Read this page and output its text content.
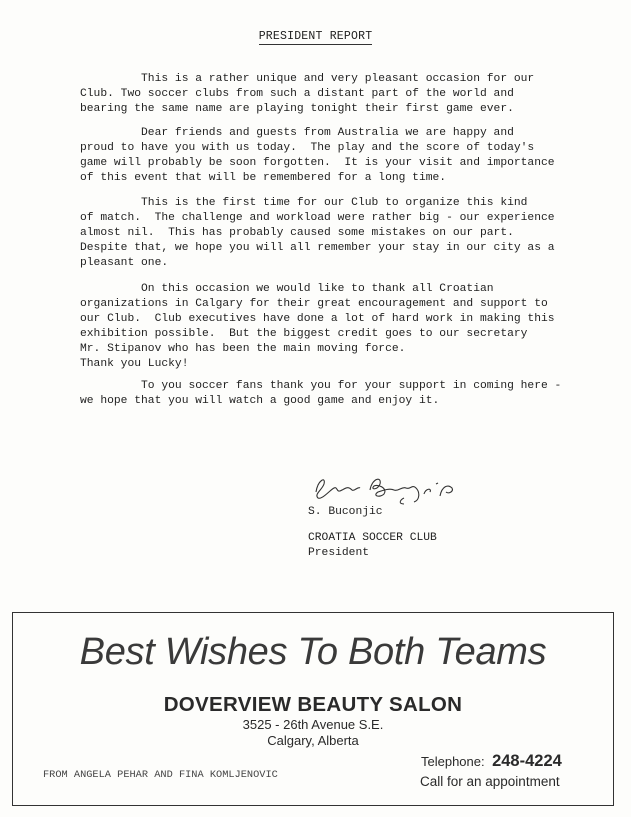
PRESIDENT REPORT

This is a rather unique and very pleasant occasion for our
Club. Two soccer clubs from such a distant part of the world and
bearing the same name are playing tonight their first game ever.

Dear friends and guests from Australia we are happy and
proud to have you with us today.  The play and the score of today's
game will probably be soon forgotten.  It is your visit and importance
of this event that will be remembered for a long time.

This is the first time for our Club to organize this kind
of match.  The challenge and workload were rather big - our experience
almost nil.  This has probably caused some mistakes on our part.
Despite that, we hope you will all remember your stay in our city as a
pleasant one.

On this occasion we would like to thank all Croatian
organizations in Calgary for their great encouragement and support to
our Club.  Club executives have done a lot of hard work in making this
exhibition possible.  But the biggest credit goes to our secretary
Mr. Stipanov who has been the main moving force.
Thank you Lucky!

To you soccer fans thank you for your support in coming here -
we hope that you will watch a good game and enjoy it.

S. Buconjic
CROATIA SOCCER CLUB
President
Best Wishes To Both Teams
DOVERVIEW BEAUTY SALON
3525 - 26th Avenue S.E.
Calgary, Alberta
FROM ANGELA PEHAR AND FINA KOMLJENOVIC
Telephone: 248-4224
Call for an appointment
